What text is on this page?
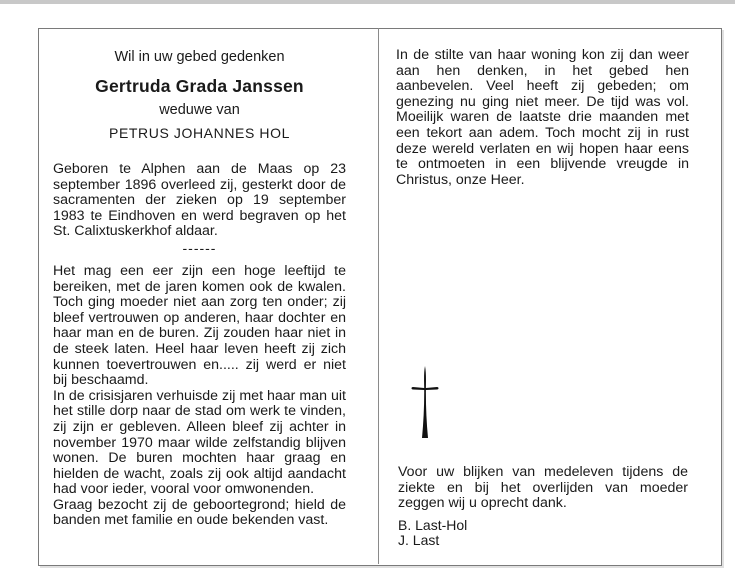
Wil in uw gebed gedenken
Gertruda Grada Janssen
weduwe van
PETRUS JOHANNES HOL

Geboren te Alphen aan de Maas op 23 september 1896 overleed zij, gesterkt door de sacramenten der zieken op 19 september 1983 te Eindhoven en werd begraven op het St. Calixtuskerkhof aldaar.

------

Het mag een eer zijn een hoge leeftijd te bereiken, met de jaren komen ook de kwalen. Toch ging moeder niet aan zorg ten onder; zij bleef vertrouwen op anderen, haar dochter en haar man en de buren. Zij zouden haar niet in de steek laten. Heel haar leven heeft zij zich kunnen toevertrouwen en..... zij werd er niet bij beschaamd.

In de crisisjaren verhuisde zij met haar man uit het stille dorp naar de stad om werk te vinden, zij zijn er gebleven. Alleen bleef zij achter in november 1970 maar wilde zelfstandig blijven wonen. De buren mochten haar graag en hielden de wacht, zoals zij ook altijd aandacht had voor ieder, vooral voor omwonenden.

Graag bezocht zij de geboortegrond; hield de banden met familie en oude bekenden vast.

In de stilte van haar woning kon zij dan weer aan hen denken, in het gebed hen aanbevelen. Veel heeft zij gebeden; om genezing nu ging niet meer. De tijd was vol. Moeilijk waren de laatste drie maanden met een tekort aan adem. Toch mocht zij in rust deze wereld verlaten en wij hopen haar eens te ontmoeten in een blijvende vreugde in Christus, onze Heer.

Voor uw blijken van medeleven tijdens de ziekte en bij het overlijden van moeder zeggen wij u oprecht dank.

B. Last-Hol

J. Last
